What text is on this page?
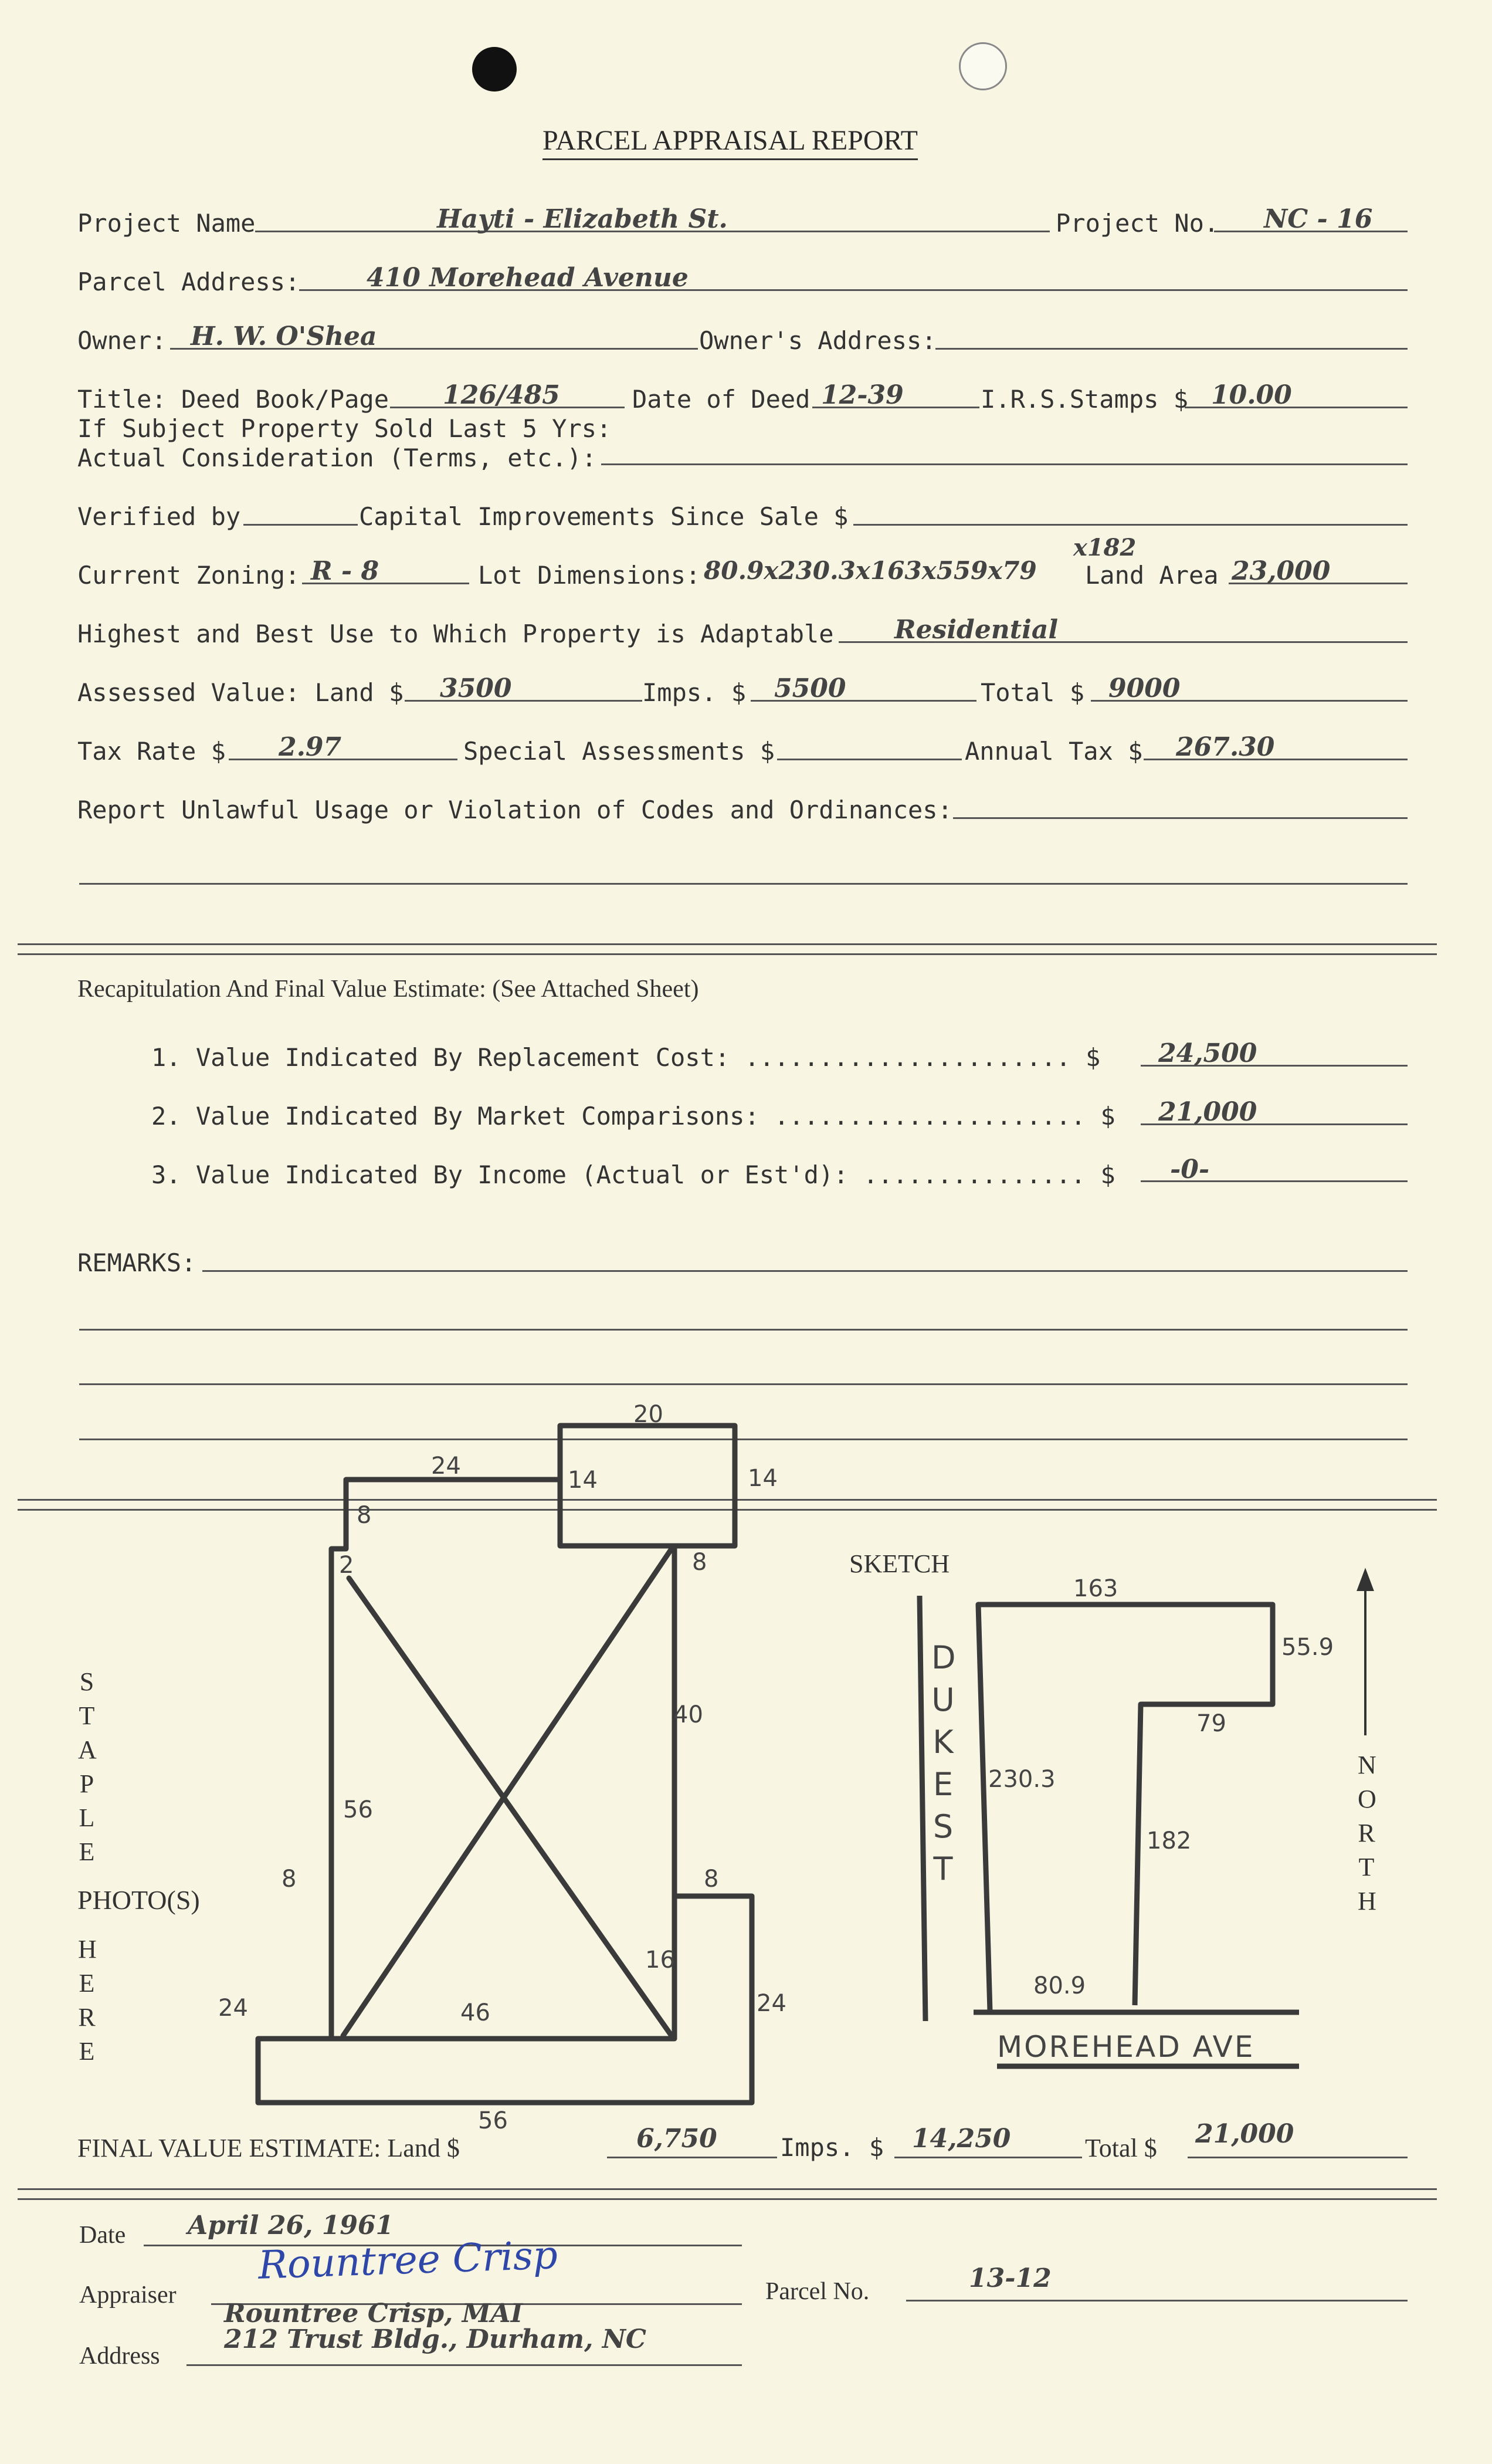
PARCEL APPRAISAL REPORT
Project Name	Hayti - Elizabeth St.	Project No. NC - 16
Parcel Address:	410 Morehead Avenue
Owner: H. W. O'Shea	Owner's Address:
Title: Deed Book/Page 126/485	Date of Deed 12-39	I.R.S.Stamps $ 10.00
If Subject Property Sold Last 5 Yrs:
Actual Consideration (Terms, etc.):
Verified by	Capital Improvements Since Sale $
x182
Current Zoning: R - 8	Lot Dimensions: 80.9x230.3x163x559x79 Land Area 23,000
Highest and Best Use to Which Property is Adaptable Residential
Assessed Value: Land $ 3500	Imps. $ 5500	Total $ 9000
Tax Rate $ 2.97	Special Assessments $	Annual Tax $ 267.30
Report Unlawful Usage or Violation of Codes and Ordinances:
Recapitulation And Final Value Estimate: (See Attached Sheet)
1. Value Indicated By Replacement Cost: ...................... $ 24,500
2. Value Indicated By Market Comparisons: ..................... $ 21,000
3. Value Indicated By Income (Actual or Est'd): ............... $ -0-
REMARKS:
STAPLE
PHOTO(S)
HERE
20
14	14
24
8
8
2
40
56
8	8
16
24	24
46
56
SKETCH
163
55.9
79
230.3
182
80.9
DUKE ST
MOREHEAD AVE
NORTH
FINAL VALUE ESTIMATE: Land $	6,750	Imps. $ 14,250	Total $ 21,000
Date April 26, 1961
Rountree Crisp
Appraiser
Rountree Crisp, MAI
Parcel No.	13-12
212 Trust Bldg., Durham, NC
Address
